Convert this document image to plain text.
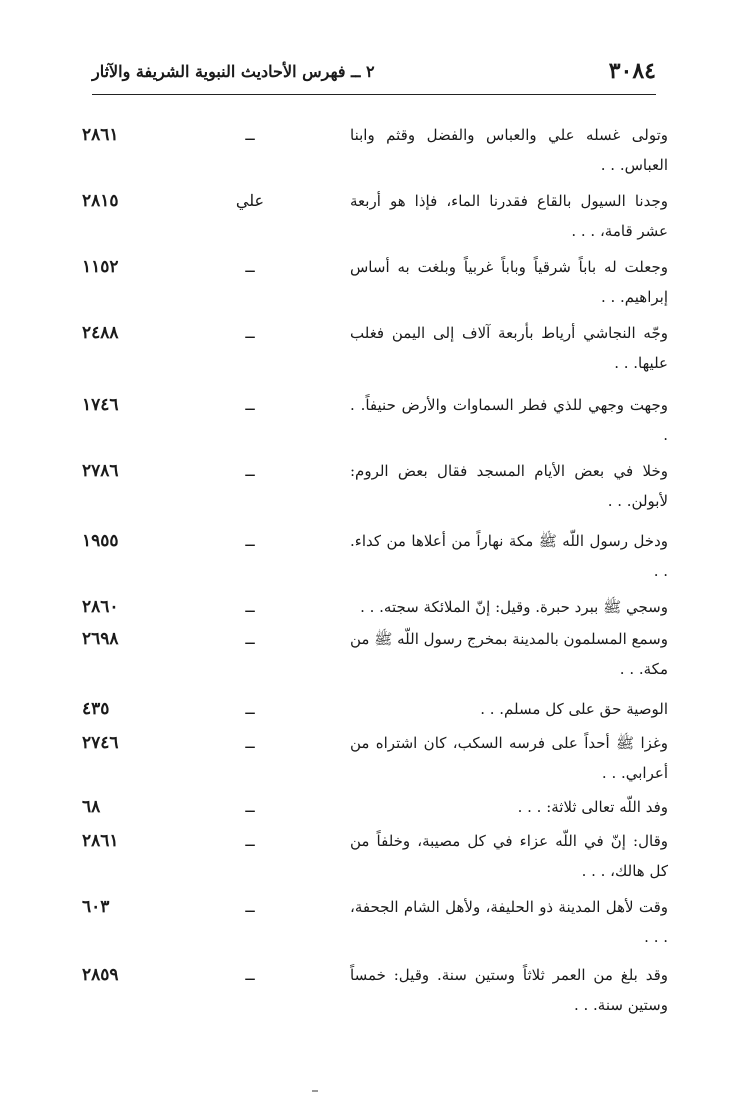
٣٠٨٤
٢ ــ فهرس الأحاديث النبوية الشريفة والآثار
وتولى غسله علي والعباس والفضل وقثم وابنا العباس. . .
ــ
٢٨٦١
وجدنا السيول بالقاع فقدرنا الماء، فإذا هو أربعة عشر قامة، . . .
علي
٢٨١٥
وجعلت له باباً شرقياً وباباً غربياً وبلغت به أساس إبراهيم. . .
ــ
١١٥٢
وجّه النجاشي أرياط بأربعة آلاف إلى اليمن فغلب عليها. . .
ــ
٢٤٨٨
وجهت وجهي للذي فطر السماوات والأرض حنيفاً. . .
ــ
١٧٤٦
وخلا في بعض الأيام المسجد فقال بعض الروم: لأبولن. . .
ــ
٢٧٨٦
ودخل رسول اللّه ﷺ مكة نهاراً من أعلاها من كداء. . .
ــ
١٩٥٥
وسجي ﷺ ببرد حبرة. وقيل: إنّ الملائكة سجته. . .
ــ
٢٨٦٠
وسمع المسلمون بالمدينة بمخرج رسول اللّه ﷺ من مكة. . .
ــ
٢٦٩٨
الوصية حق على كل مسلم. . .
ــ
٤٣٥
وغزا ﷺ أحداً على فرسه السكب، كان اشتراه من أعرابي. . .
ــ
٢٧٤٦
وفد اللّه تعالى ثلاثة: . . .
ــ
٦٨
وقال: إنّ في اللّه عزاء في كل مصيبة، وخلفاً من كل هالك، . . .
ــ
٢٨٦١
وقت لأهل المدينة ذو الحليفة، ولأهل الشام الجحفة، . . .
ــ
٦٠٣
وقد بلغ من العمر ثلاثاً وستين سنة. وقيل: خمساً وستين سنة. . .
ــ
٢٨٥٩
